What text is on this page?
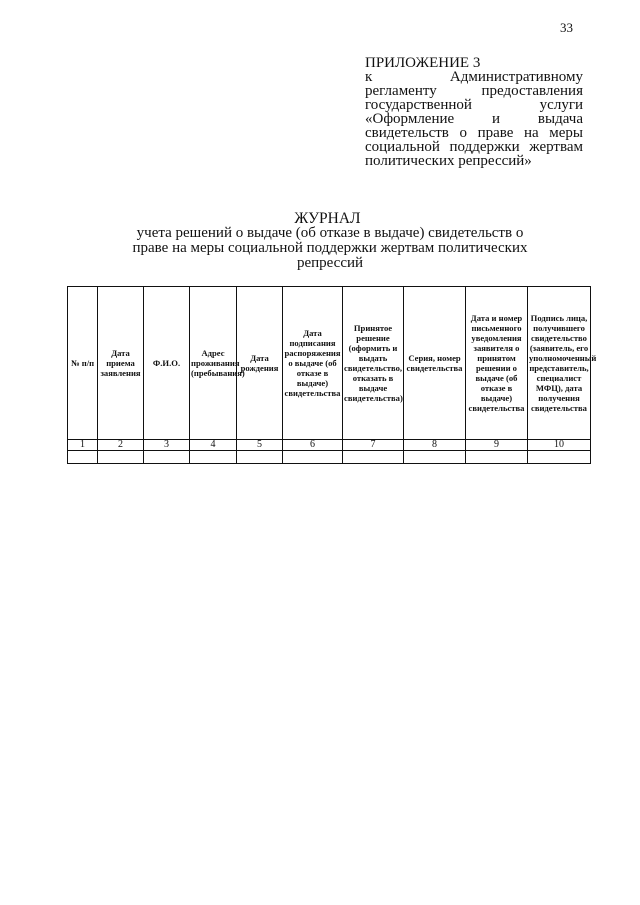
33
ПРИЛОЖЕНИЕ 3
к Административному регламенту предоставления государственной услуги «Оформление и выдача свидетельств о праве на меры социальной поддержки жертвам политических репрессий»
ЖУРНАЛ
учета решений о выдаче (об отказе в выдаче) свидетельств о праве на меры социальной поддержки жертвам политических репрессий
№ п/п	Дата приема заявления	Ф.И.О.	Адрес проживания (пребывания)	Дата рождения	Дата подписания распоряжения о выдаче (об отказе в выдаче) свидетельства	Принятое решение (оформить и выдать свидетельство, отказать в выдаче свидетельства)	Серия, номер свидетельства	Дата и номер письменного уведомления заявителя о принятом решении о выдаче (об отказе в выдаче) свидетельства	Подпись лица, получившего свидетельство (заявитель, его уполномоченный представитель, специалист МФЦ), дата получения свидетельства
1	2	3	4	5	6	7	8	9	10
